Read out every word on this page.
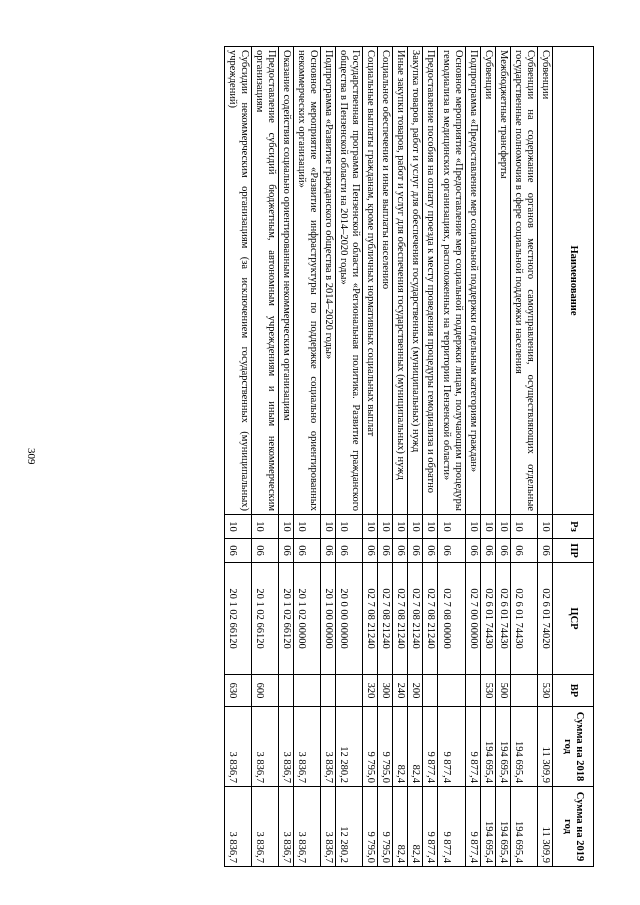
309
Наименование	Рз	ПР	ЦСР	ВР	Сумма на 2018 год	Сумма на 2019 год
Субвенции	10	06	02 6 01 74020	530	11 309,9	11 309,9
Субвенции на содержание органов местного самоуправления, осуществляющих отдельные государственные полномочия в сфере социальной поддержки населения	10	06	02 6 01 74430		194 695,4	194 695,4
Межбюджетные трансферты	10	06	02 6 01 74430	500	194 695,4	194 695,4
Субвенции	10	06	02 6 01 74430	530	194 695,4	194 695,4
Подпрограмма «Предоставление мер социальной поддержки отдельным категориям граждан»	10	06	02 7 00 00000		9 877,4	9 877,4
Основное мероприятие «Предоставление мер социальной поддержки лицам, получающим процедуры гемодиализа в медицинских организациях, расположенных на территории Пензенской области»	10	06	02 7 08 00000		9 877,4	9 877,4
Предоставление пособия на оплату проезда к месту проведения процедуры гемодиализа и обратно	10	06	02 7 08 21240		9 877,4	9 877,4
Закупка товаров, работ и услуг для обеспечения государственных (муниципальных) нужд	10	06	02 7 08 21240	200	82,4	82,4
Иные закупки товаров, работ и услуг для обеспечения государственных (муниципальных) нужд	10	06	02 7 08 21240	240	82,4	82,4
Социальное обеспечение и иные выплаты населению	10	06	02 7 08 21240	300	9 795,0	9 795,0
Социальные выплаты гражданам, кроме публичных нормативных социальных выплат	10	06	02 7 08 21240	320	9 795,0	9 795,0
Государственная программа Пензенской области «Региональная политика. Развитие гражданского общества в Пензенской области на 2014–2020 годы»	10	06	20 0 00 00000		12 280,2	12 280,2
Подпрограмма «Развитие гражданского общества в 2014–2020 годы»	10	06	20 1 00 00000		3 836,7	3 836,7
Основное мероприятие «Развитие инфраструктуры по поддержке социально ориентированных некоммерческих организаций»	10	06	20 1 02 00000		3 836,7	3 836,7
Оказание содействия социально ориентированным некоммерческим организациям	10	06	20 1 02 66120		3 836,7	3 836,7
Предоставление субсидий бюджетным, автономным учреждениям и иным некоммерческим организациям	10	06	20 1 02 66120	600	3 836,7	3 836,7
Субсидии некоммерческим организациям (за исключением государственных (муниципальных) учреждений)	10	06	20 1 02 66120	630	3 836,7	3 836,7
